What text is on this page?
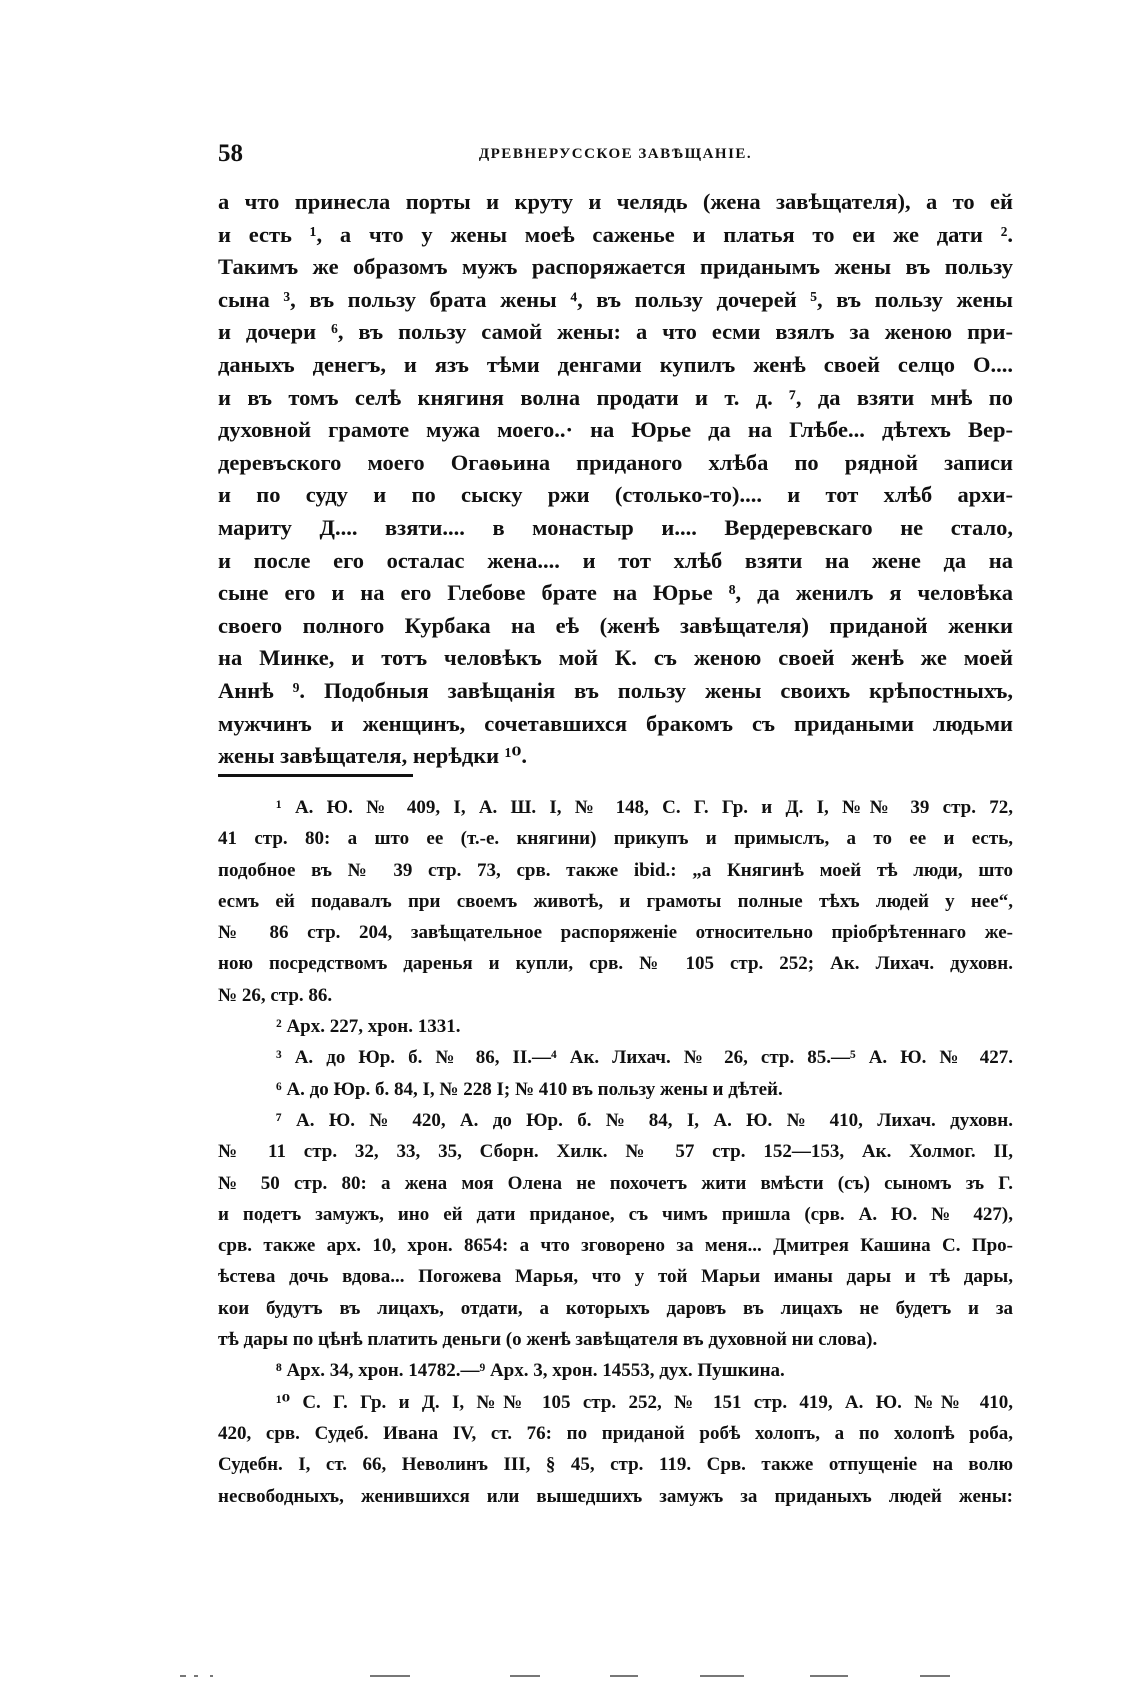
58	ДРЕВНЕРУССКОЕ ЗАВѢЩАНІЕ.
а что принесла порты и круту и челядь (жена завѣщателя), а то ей
и есть ¹, а что у жены моеѣ саженье и платья то еи же дати ².
Такимъ же образомъ мужъ распоряжается приданымъ жены въ пользу
сына ³, въ пользу брата жены ⁴, въ пользу дочерей ⁵, въ пользу жены
и дочери ⁶, въ пользу самой жены: а что есми взялъ за женою при-
даныхъ денегъ, и язъ тѣми денгами купилъ женѣ своей селцо О....
и въ томъ селѣ княгиня волна продати и т. д. ⁷, да взяти мнѣ по
духовной грамоте мужа моего..· на Юрье да на Глѣбе... дѣтехъ Вер-
деревъского моего Огаѳьина приданого хлѣба по рядной записи
и по суду и по сыску ржи (столько-то).... и тот хлѣб архи-
мариту Д.... взяти.... в монастыр и.... Вердеревскаго не стало,
и после его осталас жена.... и тот хлѣб взяти на жене да на
сыне его и на его Глебове брате на Юрье ⁸, да женилъ я человѣка
своего полного Курбака на еѣ (женѣ завѣщателя) приданой женки
на Минке, и тотъ человѣкъ мой К. съ женою своей женѣ же моей
Аннѣ ⁹. Подобныя завѣщанія въ пользу жены своихъ крѣпостныхъ,
мужчинъ и женщинъ, сочетавшихся бракомъ съ придаными людьми
жены завѣщателя, нерѣдки ¹⁰.
¹ А. Ю. № 409, I, А. Ш. I, № 148, С. Г. Гр. и Д. I, №№ 39 стр. 72,
41 стр. 80: а што ее (т.-е. княгини) прикупъ и примыслъ, а то ее и есть,
подобное въ № 39 стр. 73, срв. также ibid.: „а Княгинѣ моей тѣ люди, што
есмъ ей подавалъ при своемъ животѣ, и грамоты полные тѣхъ людей у нее“,
№ 86 стр. 204, завѣщательное распоряженіе относительно пріобрѣтеннаго же-
ною посредствомъ даренья и купли, срв. № 105 стр. 252; Ак. Лихач. духовн.
№ 26, стр. 86.
² Арх. 227, хрон. 1331.
³ А. до Юр. б. № 86, II.—⁴ Ак. Лихач. № 26, стр. 85.—⁵ А. Ю. № 427.
⁶ А. до Юр. б. 84, I, № 228 I; № 410 въ пользу жены и дѣтей.
⁷ А. Ю. № 420, А. до Юр. б. № 84, I, А. Ю. № 410, Лихач. духовн.
№ 11 стр. 32, 33, 35, Сборн. Хилк. № 57 стр. 152—153, Ак. Холмог. II,
№ 50 стр. 80: а жена моя Олена не похочетъ жити вмѣсти (съ) сыномъ зъ Г.
и подетъ замужъ, ино ей дати приданое, съ чимъ пришла (срв. А. Ю. № 427),
срв. также арх. 10, хрон. 8654: а что зговорено за меня... Дмитрея Кашина С. Про-
ѣстева дочь вдова... Погожева Марья, что у той Марьи иманы дары и тѣ дары,
кои будутъ въ лицахъ, отдати, а которыхъ даровъ въ лицахъ не будетъ и за
тѣ дары по цѣнѣ платить деньги (о женѣ завѣщателя въ духовной ни слова).
⁸ Арх. 34, хрон. 14782.—⁹ Арх. 3, хрон. 14553, дух. Пушкина.
¹⁰ С. Г. Гр. и Д. I, №№ 105 стр. 252, № 151 стр. 419, А. Ю. №№ 410,
420, срв. Судеб. Ивана IV, ст. 76: по приданой робѣ холопъ, а по холопѣ роба,
Судебн. I, ст. 66, Неволинъ III, § 45, стр. 119. Срв. также отпущеніе на волю
несвободныхъ, женившихся или вышедшихъ замужъ за приданыхъ людей жены:
